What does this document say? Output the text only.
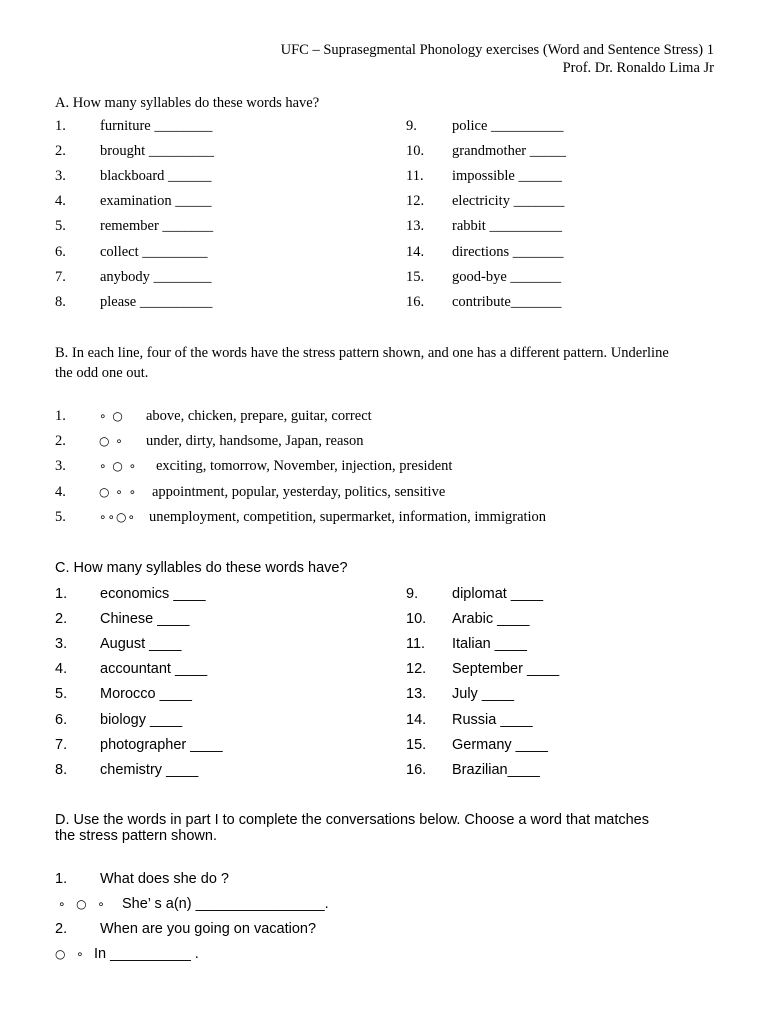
UFC – Suprasegmental Phonology exercises (Word and Sentence Stress) 1
Prof. Dr. Ronaldo Lima Jr
A. How many syllables do these words have?
1. furniture ________
2. brought _________
3. blackboard ______
4. examination _____
5. remember _______
6. collect _________
7. anybody ________
8. please __________
9. police __________
10. grandmother _____
11. impossible ______
12. electricity _______
13. rabbit __________
14. directions _______
15. good-bye _______
16. contribute_______
B. In each line, four of the words have the stress pattern shown, and one has a different pattern. Underline
the odd one out.
1.	∘ ○ above, chicken, prepare, guitar, correct
2.	○ ∘ under, dirty, handsome, Japan, reason
3.	∘ ○ ∘ exciting, tomorrow, November, injection, president
4.	○ ∘ ∘ appointment, popular, yesterday, politics, sensitive
5.	∘∘○∘ unemployment, competition, supermarket, information, immigration
C. How many syllables do these words have?
1. economics ____
2. Chinese ____
3. August ____
4. accountant ____
5. Morocco ____
6. biology ____
7. photographer ____
8. chemistry ____
9. diplomat ____
10. Arabic ____
11. Italian ____
12. September ____
13. July ____
14. Russia ____
15. Germany ____
16. Brazilian____
D. Use the words in part I to complete the conversations below. Choose a word that matches
the stress pattern shown.
1. What does she do ?
∘  ○  ∘ She’ s a(n) ________________.
2. When are you going on vacation?
○  ∘ In __________ .
